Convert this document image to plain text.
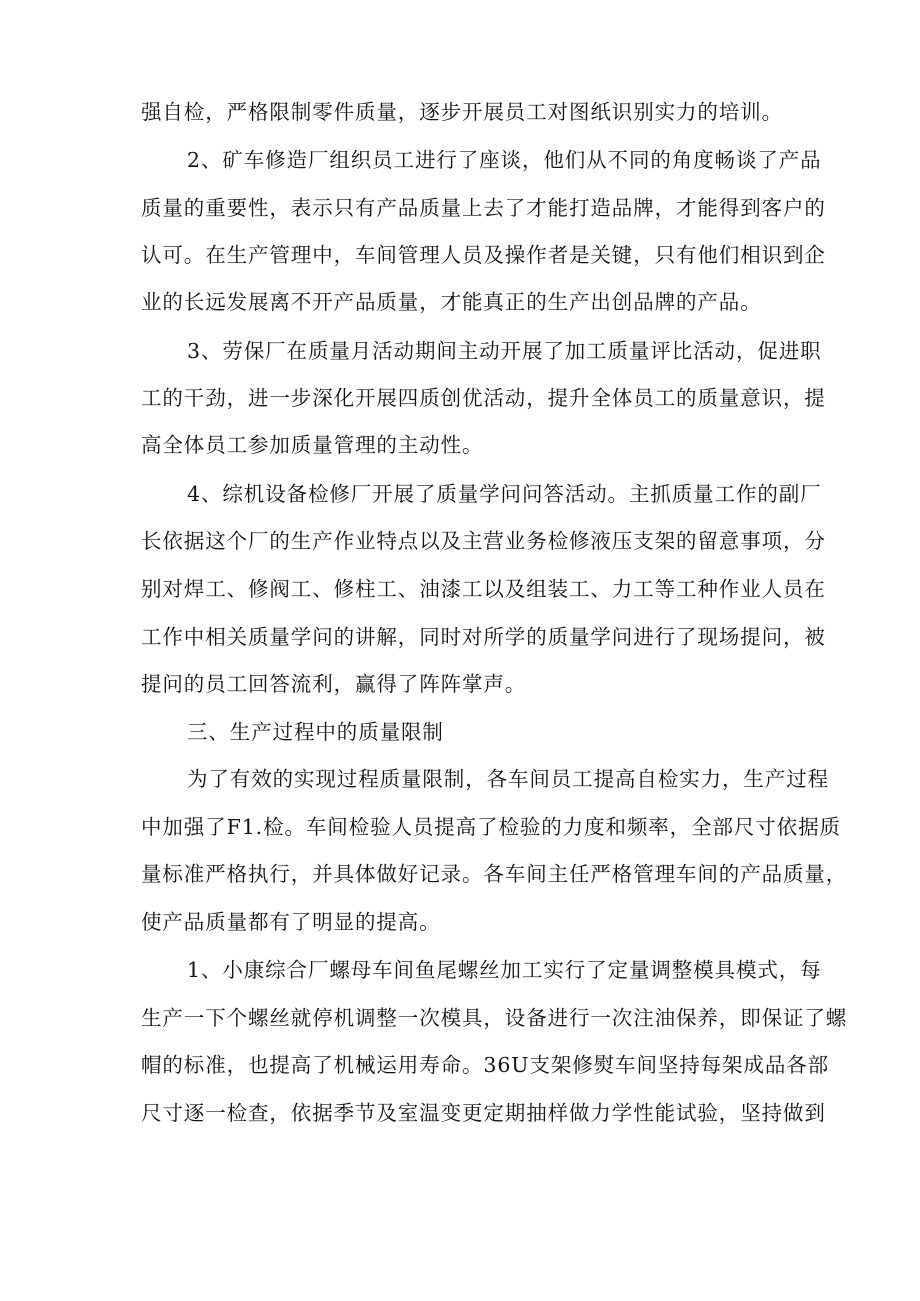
强自检，严格限制零件质量，逐步开展员工对图纸识别实力的培训。
2、矿车修造厂组织员工进行了座谈，他们从不同的角度畅谈了产品
质量的重要性，表示只有产品质量上去了才能打造品牌，才能得到客户的
认可。在生产管理中，车间管理人员及操作者是关键，只有他们相识到企
业的长远发展离不开产品质量，才能真正的生产出创品牌的产品。
3、劳保厂在质量月活动期间主动开展了加工质量评比活动，促进职
工的干劲，进一步深化开展四质创优活动，提升全体员工的质量意识，提
高全体员工参加质量管理的主动性。
4、综机设备检修厂开展了质量学问问答活动。主抓质量工作的副厂
长依据这个厂的生产作业特点以及主营业务检修液压支架的留意事项，分
别对焊工、修阀工、修柱工、油漆工以及组装工、力工等工种作业人员在
工作中相关质量学问的讲解，同时对所学的质量学问进行了现场提问，被
提问的员工回答流利，赢得了阵阵掌声。
三、生产过程中的质量限制
为了有效的实现过程质量限制，各车间员工提高自检实力，生产过程
中加强了F1.检。车间检验人员提高了检验的力度和频率，全部尺寸依据质
量标准严格执行，并具体做好记录。各车间主任严格管理车间的产品质量，
使产品质量都有了明显的提高。
1、小康综合厂螺母车间鱼尾螺丝加工实行了定量调整模具模式，每
生产一下个螺丝就停机调整一次模具，设备进行一次注油保养，即保证了螺
帽的标准，也提高了机械运用寿命。36U支架修熨车间坚持每架成品各部
尺寸逐一检查，依据季节及室温变更定期抽样做力学性能试验，坚持做到
